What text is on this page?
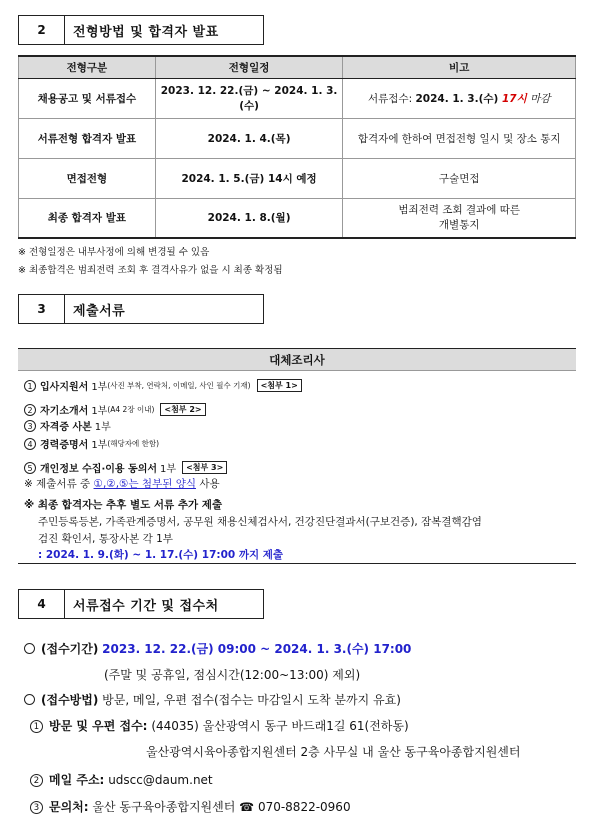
2	전형방법 및 합격자 발표
전형구분	전형일정	비고
채용공고 및 서류접수	2023. 12. 22.(금) ~ 2024. 1. 3.(수)	서류접수: 2024. 1. 3.(수) 17시 마감
서류전형 합격자 발표	2024. 1. 4.(목)	합격자에 한하여 면접전형 일시 및 장소 통지
면접전형	2024. 1. 5.(금) 14시 예정	구술면접
최종 합격자 발표	2024. 1. 8.(월)	범죄전력 조회 결과에 따른
개별통지
※ 전형일정은 내부사정에 의해 변경될 수 있음
※ 최종합격은 범죄전력 조회 후 결격사유가 없을 시 최종 확정됨
3	제출서류
대체조리사
1 입사지원서 1부 (사진 부착, 연락처, 이메일, 사인 필수 기재)	<첨부 1>
2 자기소개서 1부 (A4 2장 이내)	<첨부 2>
3 자격증 사본 1부
4 경력증명서 1부 (해당자에 한함)
5 개인정보 수집·이용 동의서 1부	<첨부 3>
※ 제출서류 중 ①,②,⑤는 첨부된 양식 사용
※ 최종 합격자는 추후 별도 서류 추가 제출
주민등록등본, 가족관계증명서, 공무원 채용신체검사서, 건강진단결과서(구보건증), 잠복결핵감염
검진 확인서, 통장사본 각 1부
: 2024. 1. 9.(화) ~ 1. 17.(수) 17:00 까지 제출
4	서류접수 기간 및 접수처
(접수기간) 2023. 12. 22.(금) 09:00 ~ 2024. 1. 3.(수) 17:00
(주말 및 공휴일, 점심시간(12:00~13:00) 제외)
(접수방법) 방문, 메일, 우편 접수(접수는 마감일시 도착 분까지 유효)
1 방문 및 우편 접수: (44035) 울산광역시 동구 바드래1길 61(전하동)
울산광역시육아종합지원센터 2층 사무실 내 울산 동구육아종합지원센터
2 메일 주소: udscc@daum.net
3 문의처: 울산 동구육아종합지원센터 ☎ 070-8822-0960
